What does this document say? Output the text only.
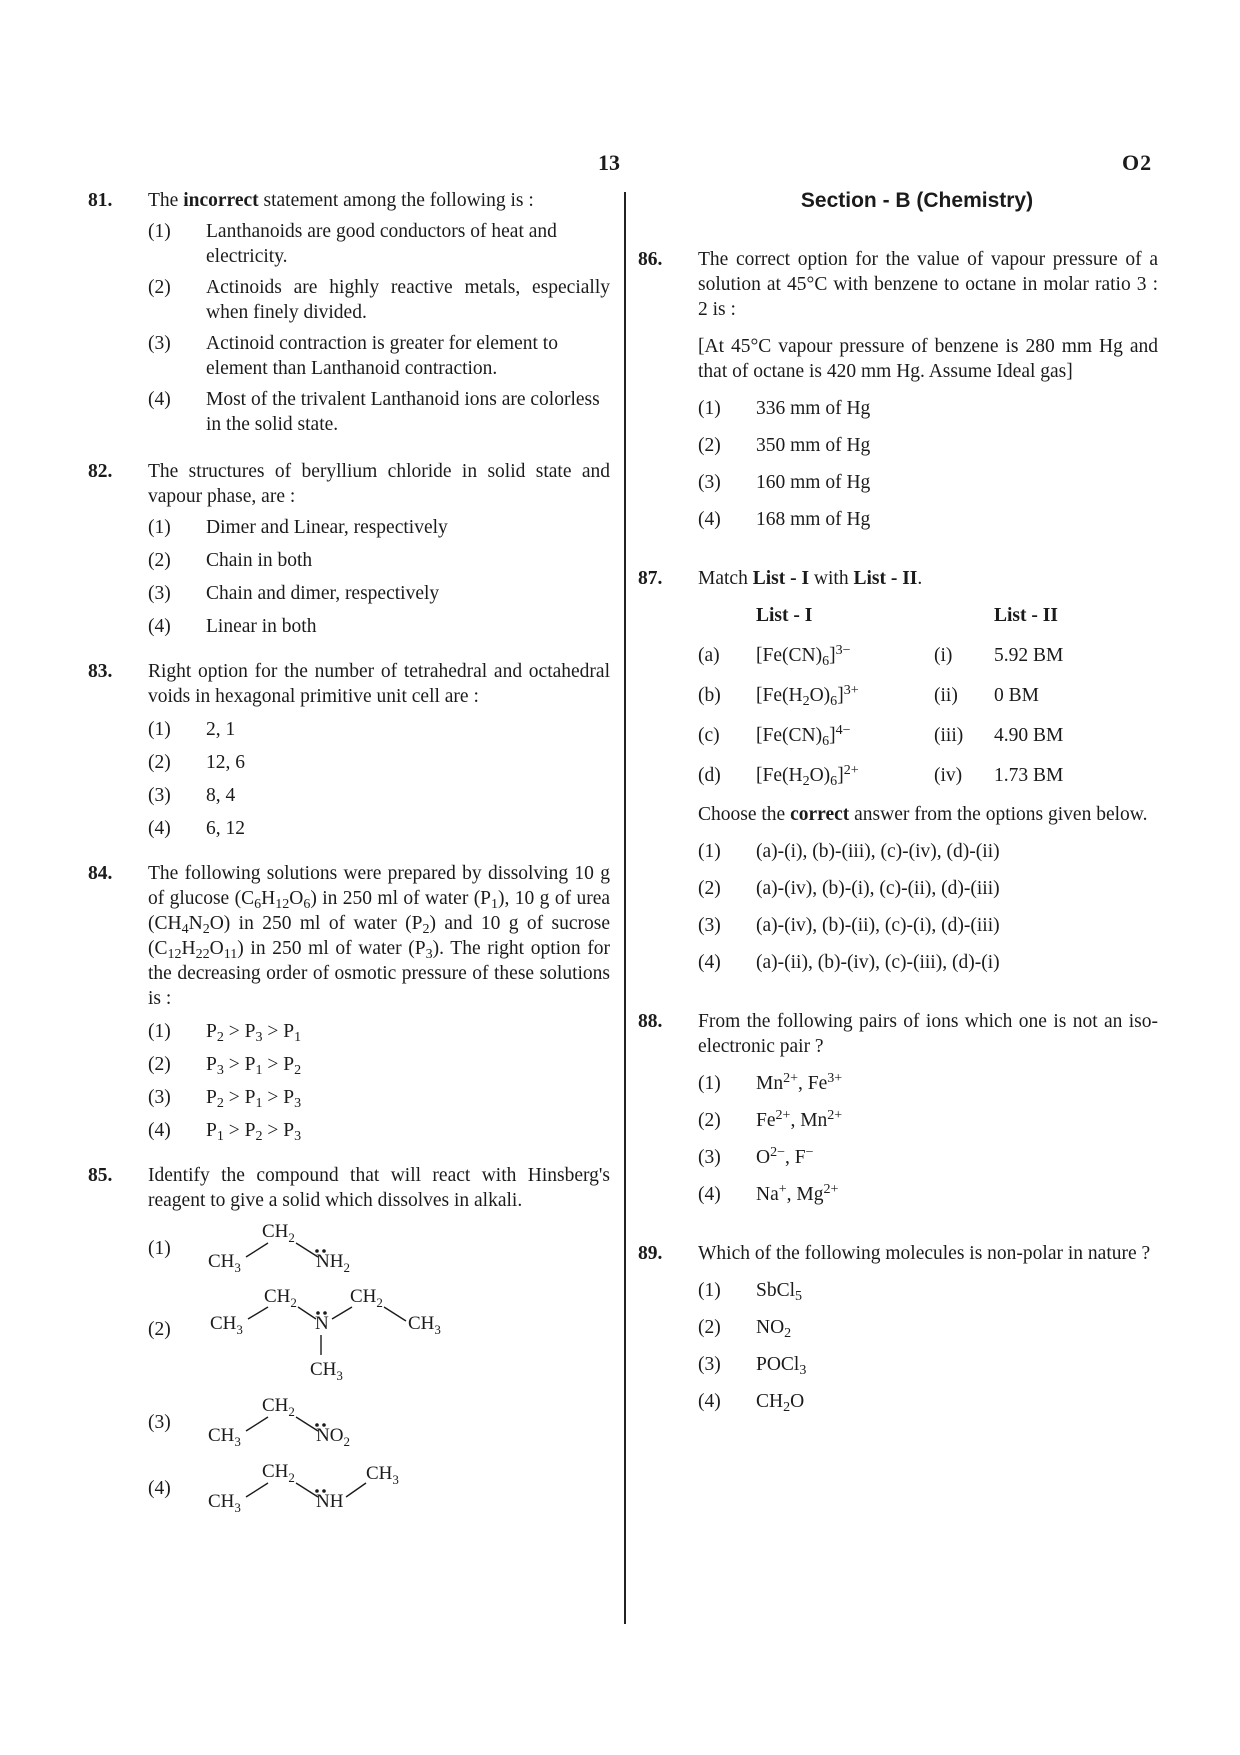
13	O2
81.	The incorrect statement among the following is :
(1)	Lanthanoids are good conductors of heat and electricity.
(2)	Actinoids are highly reactive metals, especially when finely divided.
(3)	Actinoid contraction is greater for element to element than Lanthanoid contraction.
(4)	Most of the trivalent Lanthanoid ions are colorless in the solid state.
82.	The structures of beryllium chloride in solid state and vapour phase, are :
(1)	Dimer and Linear, respectively
(2)	Chain in both
(3)	Chain and dimer, respectively
(4)	Linear in both
83.	Right option for the number of tetrahedral and octahedral voids in hexagonal primitive unit cell are :
(1)	2, 1
(2)	12, 6
(3)	8, 4
(4)	6, 12
84.	The following solutions were prepared by dissolving 10 g of glucose $(C_6H_{12}O_6)$ in 250 ml of water $(P_1)$, 10 g of urea $(CH_4N_2O)$ in 250 ml of water $(P_2)$ and 10 g of sucrose $(C_{12}H_{22}O_{11})$ in 250 ml of water $(P_3)$. The right option for the decreasing order of osmotic pressure of these solutions is :
(1)	$P_2 > P_3 > P_1$
(2)	$P_3 > P_1 > P_2$
(3)	$P_2 > P_1 > P_3$
(4)	$P_1 > P_2 > P_3$
85.	Identify the compound that will react with Hinsberg's reagent to give a solid which dissolves in alkali.
(1)
$CH_3$
$CH_2$
$NH_2$
(2)	$CH_3$
$CH_2$
N
$CH_2$
$CH_3$
$CH_3$
(3)
$CH_3$
$CH_2$
$NO_2$
(4)
$CH_3$
$CH_2$
NH
$CH_3$
Section - B (Chemistry)
86.	The correct option for the value of vapour pressure of a solution at 45°C with benzene to octane in molar ratio 3 : 2 is :
[At 45°C vapour pressure of benzene is 280 mm Hg and that of octane is 420 mm Hg. Assume Ideal gas]
(1)	336 mm of Hg
(2)	350 mm of Hg
(3)	160 mm of Hg
(4)	168 mm of Hg
87.	Match List - I with List - II.
List - I	List - II
(a)	$[Fe(CN)_6]^{3-}$	(i)	5.92 BM
(b)	$[Fe(H_2O)_6]^{3+}$	(ii)	0 BM
(c)	$[Fe(CN)_6]^{4-}$	(iii)	4.90 BM
(d)	$[Fe(H_2O)_6]^{2+}$	(iv)	1.73 BM
Choose the correct answer from the options given below.
(1)	(a)-(i), (b)-(iii), (c)-(iv), (d)-(ii)
(2)	(a)-(iv), (b)-(i), (c)-(ii), (d)-(iii)
(3)	(a)-(iv), (b)-(ii), (c)-(i), (d)-(iii)
(4)	(a)-(ii), (b)-(iv), (c)-(iii), (d)-(i)
88.	From the following pairs of ions which one is not an iso-electronic pair ?
(1)	$Mn^{2+}$, $Fe^{3+}$
(2)	$Fe^{2+}$, $Mn^{2+}$
(3)	$O^{2-}$, F−
(4)	Na+, $Mg^{2+}$
89.	Which of the following molecules is non-polar in nature ?
(1)	SbCl$_5$
(2)	$NO_2$
(3)	POCl$_3$
(4)	$CH_2O$
